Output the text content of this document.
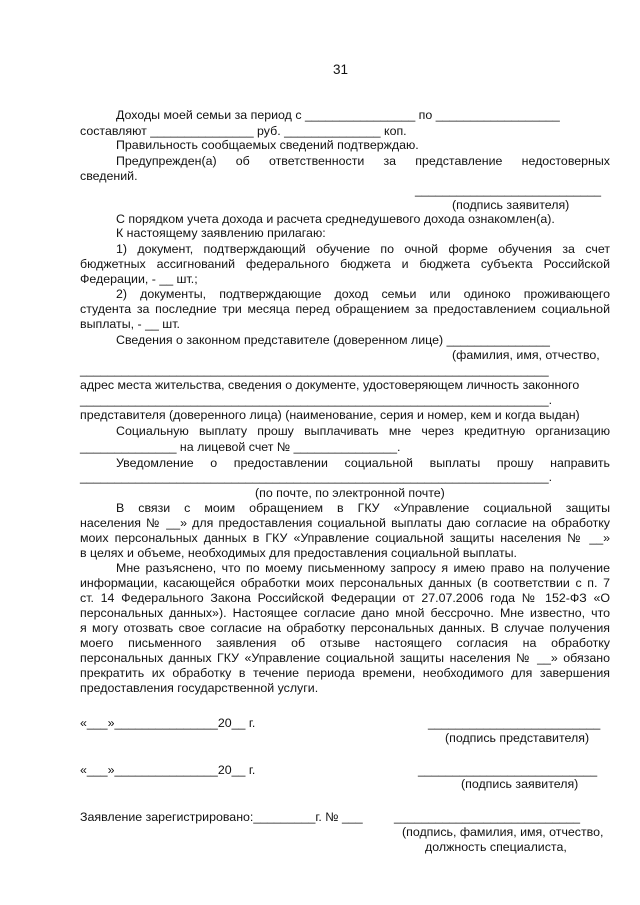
31
Доходы моей семьи за период с ________________ по __________________
составляют _______________ руб. ______________ коп.
Правильность сообщаемых сведений подтверждаю.
Предупрежден(а) об ответственности за представление недостоверных
сведений.
___________________________
(подпись заявителя)
С порядком учета дохода и расчета среднедушевого дохода ознакомлен(а).
К настоящему заявлению прилагаю:
1) документ, подтверждающий обучение по очной форме обучения за счет
бюджетных ассигнований федерального бюджета и бюджета субъекта Российской
Федерации, - __ шт.;
2) документы, подтверждающие доход семьи или одиноко проживающего
студента за последние три месяца перед обращением за предоставлением социальной
выплаты, - __ шт.
Сведения о законном представителе (доверенном лице) _______________
(фамилия, имя, отчество,
____________________________________________________________________
адрес места жительства, сведения о документе, удостоверяющем личность законного
____________________________________________________________________.
представителя (доверенного лица) (наименование, серия и номер, кем и когда выдан)
Социальную выплату прошу выплачивать мне через кредитную организацию
______________ на лицевой счет № _______________.
Уведомление о предоставлении социальной выплаты прошу направить
____________________________________________________________________.
(по почте, по электронной почте)
В связи с моим обращением в ГКУ «Управление социальной защиты
населения № __» для предоставления социальной выплаты даю согласие на обработку
моих персональных данных в ГКУ «Управление социальной защиты населения № __»
в целях и объеме, необходимых для предоставления социальной выплаты.
Мне разъяснено, что по моему письменному запросу я имею право на получение
информации, касающейся обработки моих персональных данных (в соответствии с п. 7
ст. 14 Федерального Закона Российской Федерации от 27.07.2006 года № 152-ФЗ «О
персональных данных»). Настоящее согласие дано мной бессрочно. Мне известно, что
я могу отозвать свое согласие на обработку персональных данных. В случае получения
моего письменного заявления об отзыве настоящего согласия на обработку
персональных данных ГКУ «Управление социальной защиты населения № __» обязано
прекратить их обработку в течение периода времени, необходимого для завершения
предоставления государственной услуги.
«___»_______________20__ г.	_________________________
(подпись представителя)
«___»_______________20__ г.	__________________________
(подпись заявителя)
Заявление зарегистрировано:_________г. № ___	___________________________
(подпись, фамилия, имя, отчество,
должность специалиста,
